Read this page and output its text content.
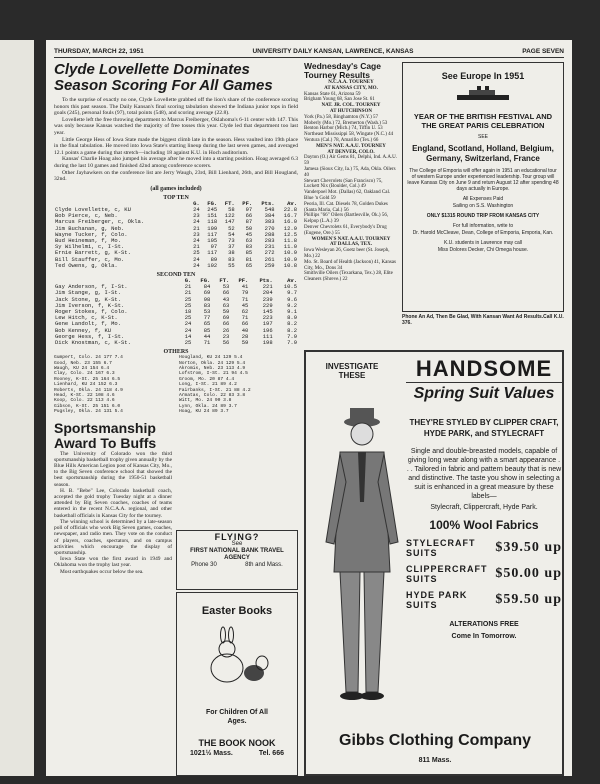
THURSDAY, MARCH 22, 1951	UNIVERSITY DAILY KANSAN, LAWRENCE, KANSAS	PAGE SEVEN
Clyde Lovellette Dominates Season Scoring For All Games

To the surprise of exactly no one, Clyde Lovellette grabbed off the lion's share of the conference scoring honors this past season. The Daily Kansan's final scoring tabulation showed the Indiana junior tops in field goals (245), personal fouls (97), total points (548), and scoring average (22.8).

Lovellette left the free throwing department to Marcus Freiberger, Oklahoma's 6-11 center with 147. This was only because Kansas watched the majority of free tosses this year. Clyde led that department too last year.

Little George Hess of Iowa State made the biggest climb late in the season. Hess vaulted into 19th place in the final tabulation. He moved into Iowa State's starting lineup during the last seven games, and averaged 12.1 points a game during that stretch—including 18 against K.U. in Hoch auditorium.

Kansas' Charlie Hoag also jumped his average after he moved into a starting position. Hoag averaged 6.3 during the last 10 games and finished 42nd among conference scorers.

Other Jayhawkers on the conference list are Jerry Waugh, 23rd, Bill Lienhard, 26th, and Bill Hougland, 32nd.

(all games included)
TOP TEN
	G.	FG.	FT.	PF.	Pts.	Av.
Clyde Lovellette, c, KU	24	245	58	97	548	22.8
Bob Pierce, c, Neb.	23	151	122	66	384	16.7
Marcus Freiberger, c, Okla.	24	118	147	87	383	16.0
Jim Buchanan, g, Neb.	21	109	52	50	270	12.9
Wayne Tucker, f, Colo.	23	117	54	45	288	12.5
Bud Heineman, f, Mo.	24	105	73	63	283	11.8
Sy Wilhelmi, c, I-St.	21	97	37	83	231	11.0
Ernie Barrett, g, K-St.	25	117	38	85	272	10.9
Bill Stauffer, c, Mo.	24	89	83	81	261	10.9
Ted Owens, g, Okla.	24	102	55	65	259	10.8
SECOND TEN
	G.	FG.	FT.	PF.	Pts.	Av.
Gay Anderson, f, I-St.	21	84	53	41	221	10.5
Jim Stange, g, I-St.	21	69	66	79	204	9.7
Jack Stone, g, K-St.	25	98	43	71	239	9.6
Jim Iverson, f, K-St.	25	83	63	45	229	9.2
Roger Stokes, f, Colo.	18	53	59	62	145	9.1
Lew Hitch, c, K-St.	25	77	69	71	223	8.9
Gene Landolt, f, Mo.	24	65	66	66	197	8.2
Bob Kenney, f, KU	24	85	26	40	196	8.2
George Hess, f, I-St.	14	44	23	28	111	7.9
Dick Knostman, c, K-St.	25	71	56	59	198	7.9
OTHERS
Gumpert, Colo. 24 177 7.4
Good, Neb. 23 155 6.7
Waugh, KU 24 154 6.4
Clay, Colo. 24 167 6.3
Rooney, K-St. 25 164 6.5
Lienhard, KU 24 152 6.3
Roberts, Okla. 24 118 4.9
Head, K-St. 22 108 4.6
Koop, Colo. 22 113 4.6
Gibson, K-St. 25 151 6.0
Pugsley, Okla. 24 131 5.4
Hougland, KU 24 129 5.4
Norton, Okla. 24 129 5.4
Akromis, Neb. 23 113 4.9
Lofstrom, I-St. 21 94 4.5
Groom, Mo. 20 87 4.4
Long, I-St. 21 89 4.2
Fairbanks, I-St. 21 88 4.2
Armatas, Colo. 22 83 3.8
Witt, Mo. 24 90 3.8
Lynn, Okla. 24 89 3.7
Hoag, KU 24 89 3.7
Sportsmanship Award To Buffs

The University of Colorado won the third sportsmanship basketball trophy given annually by the Blue Hills American Legion post of Kansas City, Mo., to the Big Seven conference school that showed the best sportsmanship during the 1950-51 basketball season.

H. B. "Bebe" Lee, Colorado basketball coach, accepted the gold trophy Tuesday night at a dinner attended by Big Seven coaches, coaches of teams entered in the recent N.C.A.A. regional, and other basketball officials in Kansas City for the tourney.

The winning school is determined by a late-season poll of officials who work Big Seven games, coaches, newspaper, and radio men. They vote on the conduct of players, coaches, spectators, and on campus activities which encourage the display of sportsmanship.

Iowa State won the first award in 1949 and Oklahoma won the trophy last year.

Most earthquakes occur below the sea.

Wednesday's Cage Tourney Results
N.C.A.A. TOURNEY
AT KANSAS CITY, MO.
Kansas State 61, Arizona 59
Brigham Young 68, San Jose St. 61
NAT. JR. COL. TOURNEY
AT HUTCHINSON
York (Pa.) 58, Binghamton (N.Y.) 57
Moberly (Mo.) 72, Bremerton (Wash.) 53
Benton Harbor (Mich.) 74, Tiffin U. 53
Northeast Mississippi 58, Wingate (N.C.) 44
Ventura (Cal.) 78, Amarillo (Tex.) 66
MEN'S NAT. A.A.U. TOURNEY
AT DENVER, COLO.
Dayton (O.) Air Gems 81, Delphi, Ind. A.A.U. 59
Jamesa (Sioux City, Ia.) 75, Ada, Okla. Oilers 40
Stewart Chevrolets (San Francisco) 75, Luckett Nix (Boulder, Col.) 49
Vanderpoel Mot. (Dallas) 62, Oakland Cal. Blue 'n Gold 59
Peoria, Ill. Cat. Diesels 78, Golden Dukes (Santa Maria, Cal.) 56
Phillips "66" Oilers (Bartlesville, Ok.) 56, Kelpop (L.A.) 39
Denver Chevrolets 61, Everybody's Drug (Eugene, Ore.) 55
WOMEN'S NAT. A.A.U. TOURNEY
AT DALLAS, TEX.
Iowa Wesleyan 26, Goetz beer (St. Joseph, Mo.) 22
Mo. St. Board of Health (Jackson) 41, Kansas City, Mo., Dons 34
Smithville Oilers (Texarkana, Tex.) 28, Elite Cleaners (Shreve.) 22
See Europe In 1951
YEAR OF THE BRITISH FESTIVAL AND THE GREAT PARIS CELEBRATION
SEE
England, Scotland, Holland, Belgium, Germany, Switzerland, France
The College of Emporia will offer again in 1951 an educational tour of western Europe under experienced leadership. Tour group will leave Kansas City on June 9 and return August 12 after spending 48 days actually in Europe.
All Expenses Paid
Sailing on S.S. Washington
ONLY $1315 ROUND TRIP FROM KANSAS CITY
For full information, write to
Dr. Harold McCleave, Dean, College of Emporia, Emporia, Kan.
K.U. students in Lawrence may call
Miss Dolores Decker, Chi Omega house.
Phone An Ad, Then Be Glad, With Kansan Want Ad Results.Call K.U. 376.
FLYING?
See
FIRST NATIONAL BANK TRAVEL AGENCY
Phone 30	8th and Mass.
Easter Books
For Children Of All Ages.
THE BOOK NOOK
1021½ Mass.	Tel. 666
INVESTIGATE THESE	HANDSOME
Spring Suit Values
THEY'RE STYLED BY CLIPPER CRAFT, HYDE PARK, and STYLECRAFT
Single and double-breasted models, capable of giving long wear along with a smart appearance . . . Tailored in fabric and pattern beauty that is new and distinctive. The taste you show in selecting a suit is enhanced in a great measure by these labels—
Stylecraft, Clippercraft, Hyde Park.
100% Wool Fabrics
STYLECRAFT SUITS	$39.50 up
CLIPPERCRAFT SUITS	$50.00 up
HYDE PARK SUITS	$59.50 up
ALTERATIONS FREE
Come In Tomorrow.
Gibbs Clothing Company
811 Mass.
